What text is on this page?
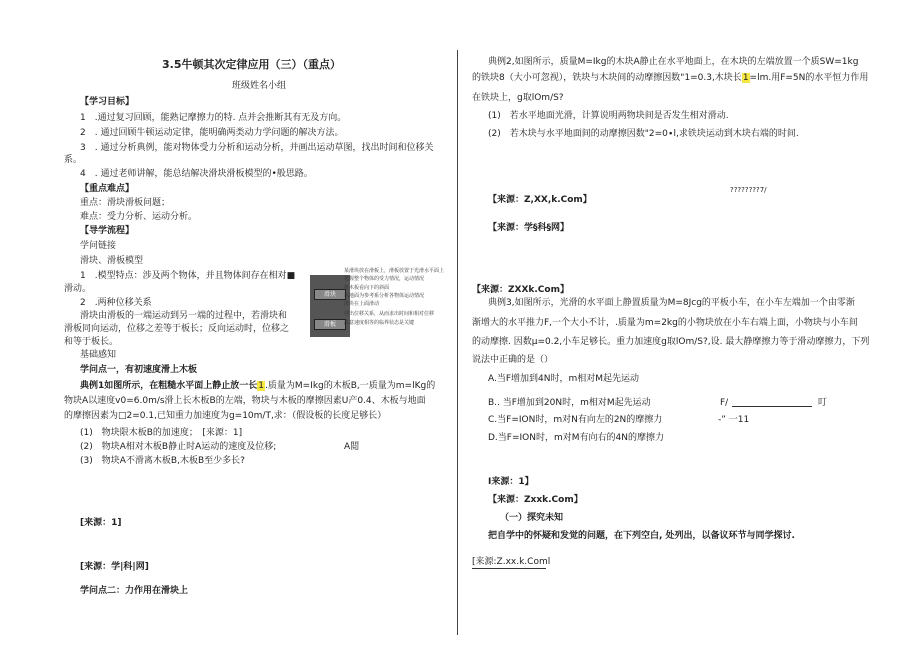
3.5牛顿其次定律应用（三）（重点）
班级姓名小组
【学习目标】
1　.通过复习回顾，能熟记摩擦力的特. 点并会推断其有无及方向。
2　. 通过回顾牛顿运动定律，能明确两类动力学问题的解决方法。
3　. 通过分析典例，能对物体受力分析和运动分析，并画出运动草图，找出时间和位移关
系。
4　. 通过老师讲解，能总结解决滑块滑板模型的•般思路。
【重点难点】
重点：滑块滑板问题；
难点：受力分析、运动分析。
【导学流程】
学问链接
滑块、滑板模型
1　.模型特点：涉及两个物体，并且物体间存在相对■
滑动。
2　.两种位移关系
滑块由滑板的一端运动到另一端的过程中，若滑块和
滑板同向运动，位移之差等于板长；反向运动时，位移之
和等于板长。
基础感知
滑块
滑板
某滑块放在滑板上，滑板放置于光滑水平面上
把握整个物体的受力情况，运动情况
将木板看向下的斜面
以地面为参考系分析各物体运动情况
滑块在上面滑动
找出位移关系，从而求出时间和相对位移
注意速度相等的临界状态是关键
学问点一，有初速度滑上木板
典例1如图所示，在粗糙水平面上静止放一长1.质量为M=Ikg的木板B,一质量为m=lKg的
物块A以速度v0=6.0m/s滑上长木板B的左端，物块与木板的摩擦因素U产0.4、木板与地面
的摩擦因素为□2=0.1,已知重力加速度为g=10m/T,求：（假设板的长度足够长）
(1)　物块限木板B的加速度；　[来源：1]
(2)　物块A相对木板B静止时A运动的速度及位移;	A閲
(3)　物块A不滑离木板B,木板B至少多长?
[来源：1]
[来源：学|科|网]
学问点二：力作用在滑块上
典例2,如图所示，质量M=Ikg的木块A静止在水平地面上，在木块的左端放置一个质SW=1kg
的铁块8（大小可忽视），铁块与木块间的动摩擦因数"1=0.3,木块长1=lm.用F=5N的水平恒力作用
在铁块上，g取lOm/S?
(1)　若水平地面光滑，计算说明两物块间是否发生相对滑动.
(2)　若木块与水平地面间的动摩擦因数"2=0∙l,求铁块运动到木块右端的时间.
????????7/
【来源：Z,XX,k.Com】
【来源：学§科§网】
【来源：ZXXk.Com】
典例3,如图所示，光滑的水平面上静置质量为M=8Jcg的平板小车，在小车左端加一个由零渐
渐增大的水平推力F,一个大小不计，.质量为m=2kg的小物块放在小车右端上面，小物块与小车间
的动摩擦. 因数μ=0.2,小车足够长。重力加速度g取lOm/S?,设. 最大静摩擦力等于滑动摩擦力，下列
说法中正确的是（）
A.当F增加到4N时，m相对M起先运动
B.. 当F增加到20N时，m相对M起先运动	F/	叮
C.当F=ION时，m对N有向左的2N的摩擦力	-” 一11
D.当F=ION时，m对M有向右的4N的摩擦力
Ⅰ来源：1】
【来源：Zxxk.Com】
（一）探究未知
把自学中的怀疑和发觉的问题，在下列空白, 处列出，以备议环节与同学探讨.
[来源:Z.xx.k.Coml
